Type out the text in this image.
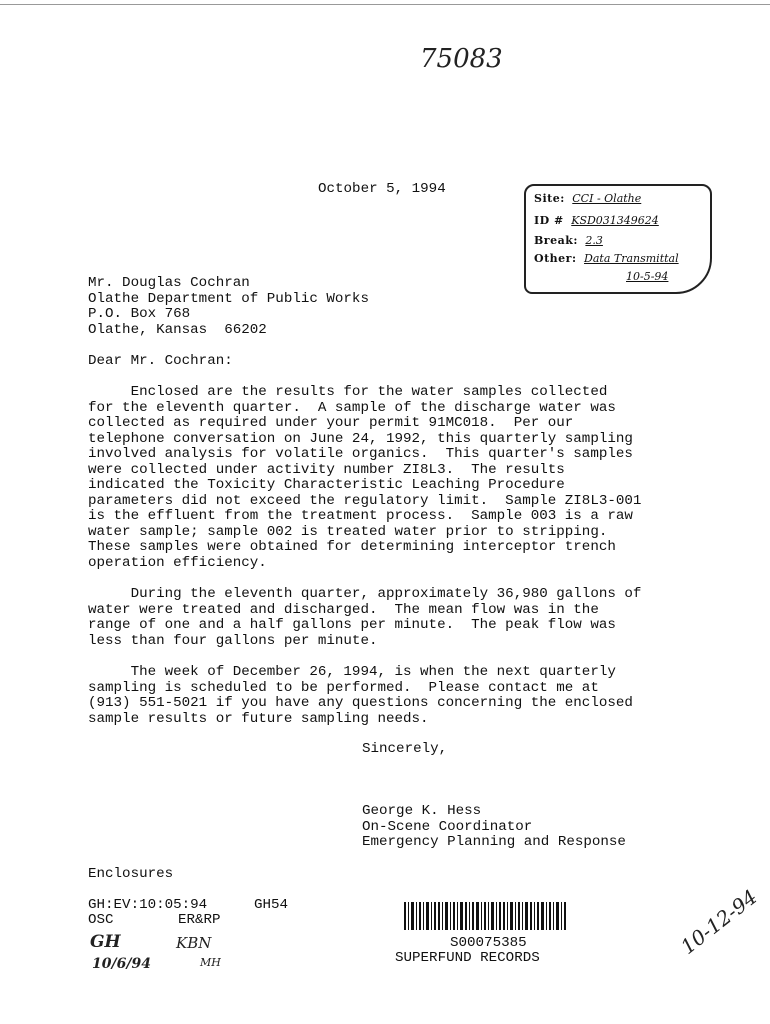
75083
October 5, 1994
Site: CCI - Olathe
ID # KSD031349624
Break: 2.3
Other: Data Transmittal
10-5-94
Mr. Douglas Cochran
Olathe Department of Public Works
P.O. Box 768
Olathe, Kansas  66202
Dear Mr. Cochran:
Enclosed are the results for the water samples collected
for the eleventh quarter.  A sample of the discharge water was
collected as required under your permit 91MC018.  Per our
telephone conversation on June 24, 1992, this quarterly sampling
involved analysis for volatile organics.  This quarter's samples
were collected under activity number ZI8L3.  The results
indicated the Toxicity Characteristic Leaching Procedure
parameters did not exceed the regulatory limit.  Sample ZI8L3-001
is the effluent from the treatment process.  Sample 003 is a raw
water sample; sample 002 is treated water prior to stripping.
These samples were obtained for determining interceptor trench
operation efficiency.
During the eleventh quarter, approximately 36,980 gallons of
water were treated and discharged.  The mean flow was in the
range of one and a half gallons per minute.  The peak flow was
less than four gallons per minute.
The week of December 26, 1994, is when the next quarterly
sampling is scheduled to be performed.  Please contact me at
(913) 551-5021 if you have any questions concerning the enclosed
sample results or future sampling needs.
Sincerely,
George K. Hess
On-Scene Coordinator
Emergency Planning and Response
Enclosures
GH:EV:10:05:94	GH54
OSC	ER&RP
GH
10/6/94
KBN
MH
S00075385
SUPERFUND RECORDS	10-12-94
